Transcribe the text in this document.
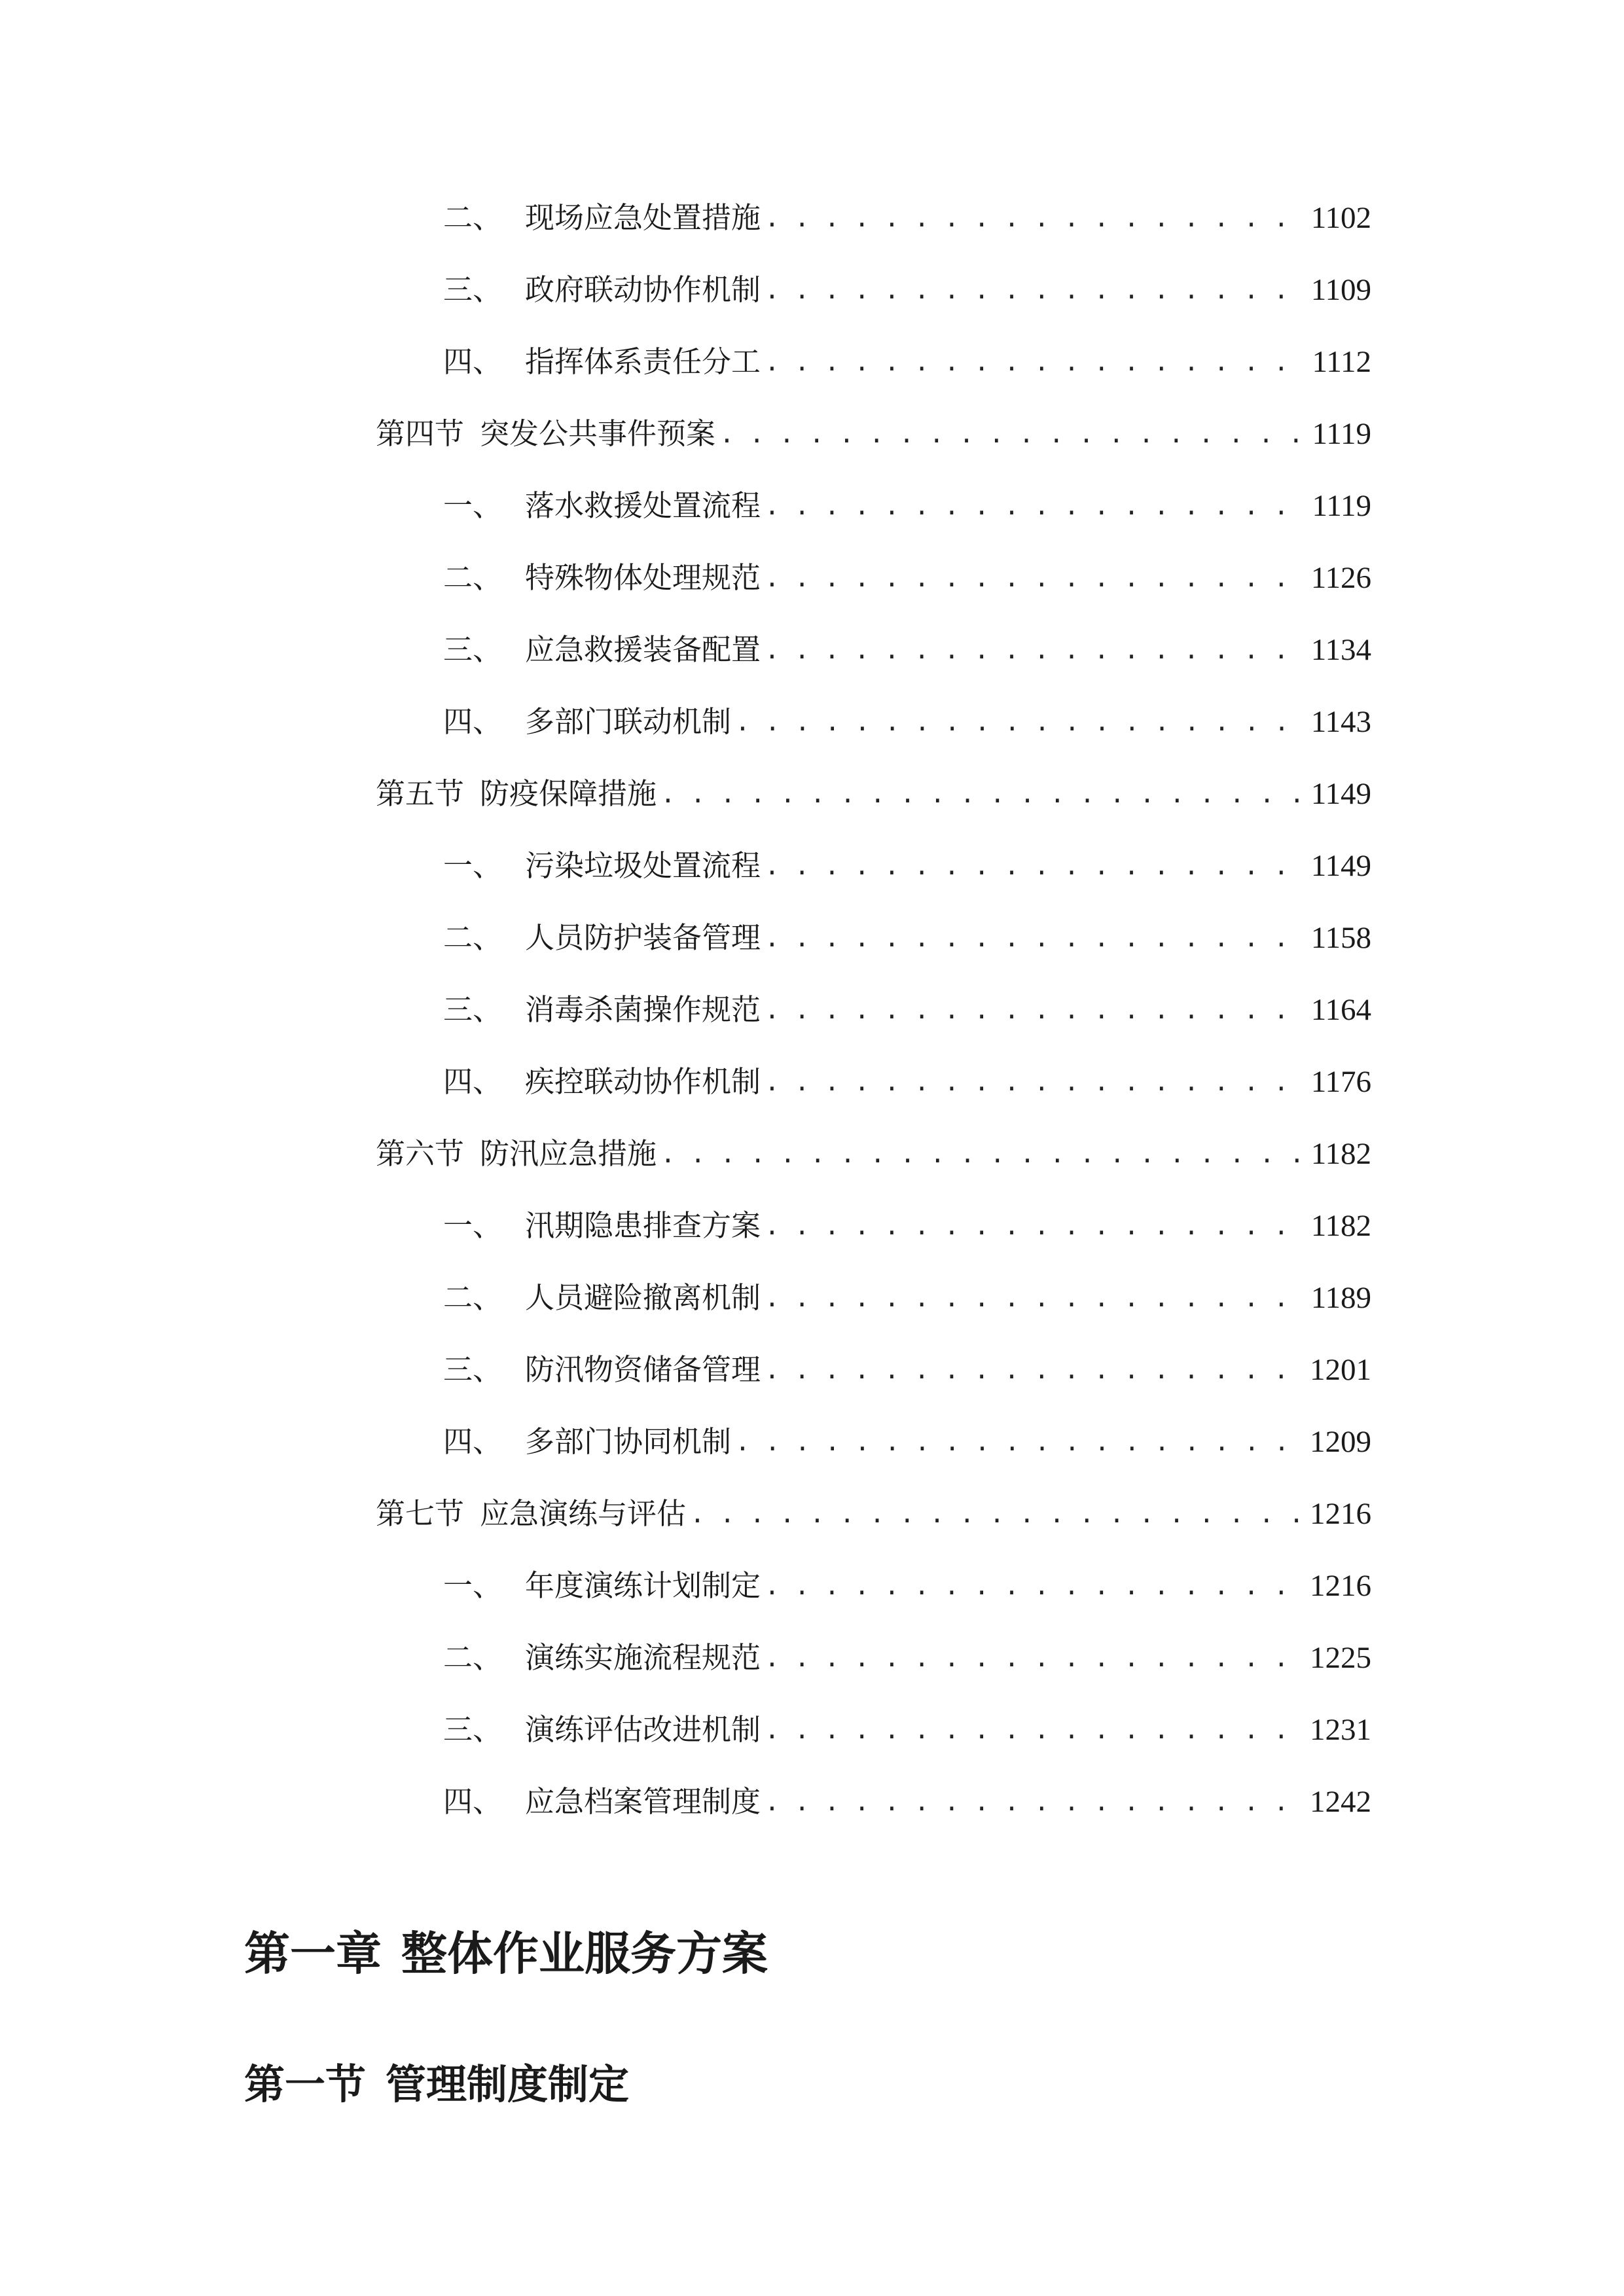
二、 现场应急处置措施 . . .	1102
三、 政府联动协作机制 . . .	1109
四、 指挥体系责任分工 . . .	1112
第四节 突发公共事件预案 . . .	1119
一、 落水救援处置流程 . . .	1119
二、 特殊物体处理规范 . . .	1126
三、 应急救援装备配置 . . .	1134
四、 多部门联动机制 . . .	1143
第五节 防疫保障措施 . . .	1149
一、 污染垃圾处置流程 . . .	1149
二、 人员防护装备管理 . . .	1158
三、 消毒杀菌操作规范 . . .	1164
四、 疾控联动协作机制 . . .	1176
第六节 防汛应急措施 . . .	1182
一、 汛期隐患排查方案 . . .	1182
二、 人员避险撤离机制 . . .	1189
三、 防汛物资储备管理 . . .	1201
四、 多部门协同机制 . . .	1209
第七节 应急演练与评估 . . .	1216
一、 年度演练计划制定 . . .	1216
二、 演练实施流程规范 . . .	1225
三、 演练评估改进机制 . . .	1231
四、 应急档案管理制度 . . .	1242
第一章 整体作业服务方案
第一节 管理制度制定
